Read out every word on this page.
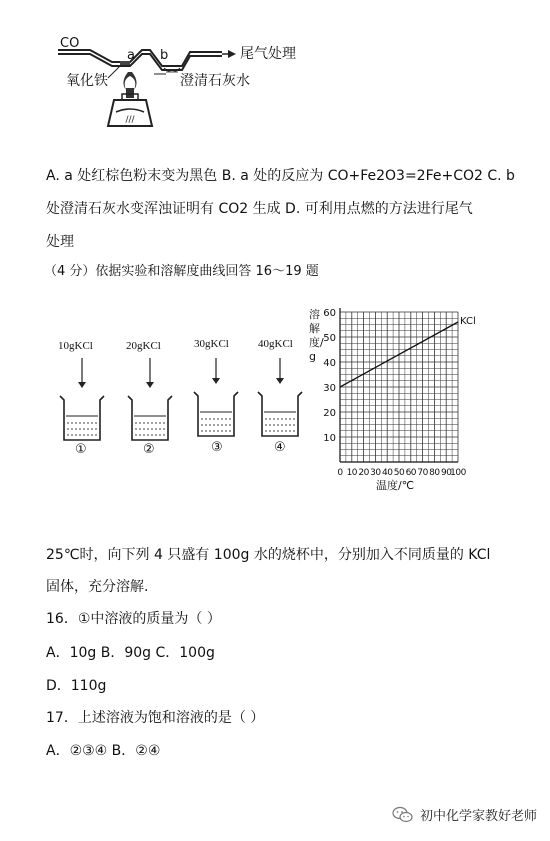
///
CO
a b	尾气处理
氧化铁	澄清石灰水
A. a 处红棕色粉末变为黑色 B. a 处的反应为 CO+Fe2O3=2Fe+CO2 C. b
处澄清石灰水变浑浊证明有 CO2 生成 D. 可利用点燃的方法进行尾气
处理
（4 分）依据实验和溶解度曲线回答 16～19 题
10gKCl	20gKCl	30gKCl	40gKCl
①	②	③	④
10
20
30
40
50
60
0 10 20 30 40 50 60 70 80 90
100
KCl
溶解度/g
温度/℃
25℃时，向下列 4 只盛有 100g 水的烧杯中，分别加入不同质量的 KCl
固体，充分溶解.
16．①中溶液的质量为（ ）
A．10g B．90g C．100g
D．110g
17．上述溶液为饱和溶液的是（ ）
A．②③④ B．②④
初中化学家教好老师
